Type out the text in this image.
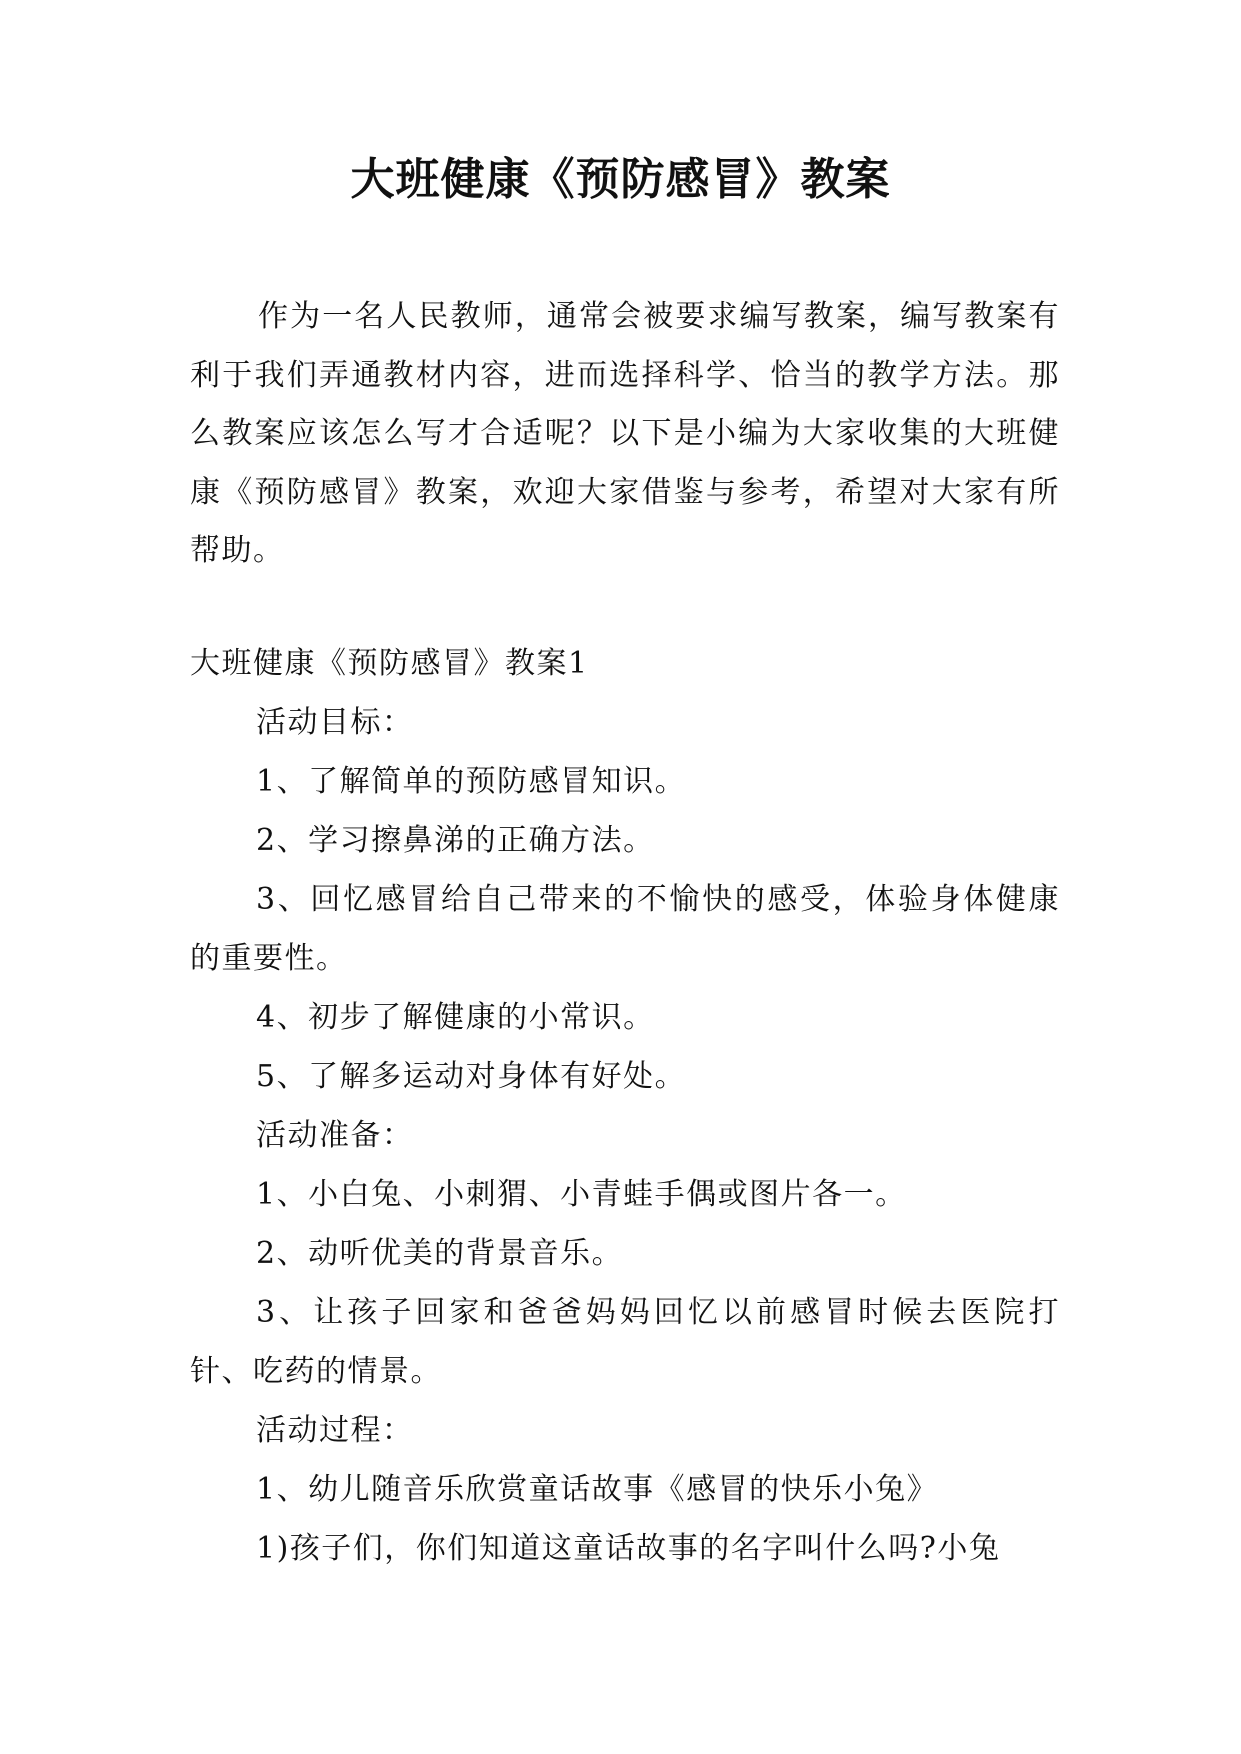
大班健康《预防感冒》教案

作为一名人民教师，通常会被要求编写教案，编写教案有利于我们弄通教材内容，进而选择科学、恰当的教学方法。那么教案应该怎么写才合适呢？以下是小编为大家收集的大班健康《预防感冒》教案，欢迎大家借鉴与参考，希望对大家有所帮助。

大班健康《预防感冒》教案1

活动目标：

1、了解简单的预防感冒知识。

2、学习擦鼻涕的正确方法。

3、回忆感冒给自己带来的不愉快的感受，体验身体健康的重要性。

4、初步了解健康的小常识。

5、了解多运动对身体有好处。

活动准备：

1、小白兔、小刺猬、小青蛙手偶或图片各一。

2、动听优美的背景音乐。

3、让孩子回家和爸爸妈妈回忆以前感冒时候去医院打针、吃药的情景。

活动过程：

1、幼儿随音乐欣赏童话故事《感冒的快乐小兔》

1)孩子们，你们知道这童话故事的名字叫什么吗?小兔
